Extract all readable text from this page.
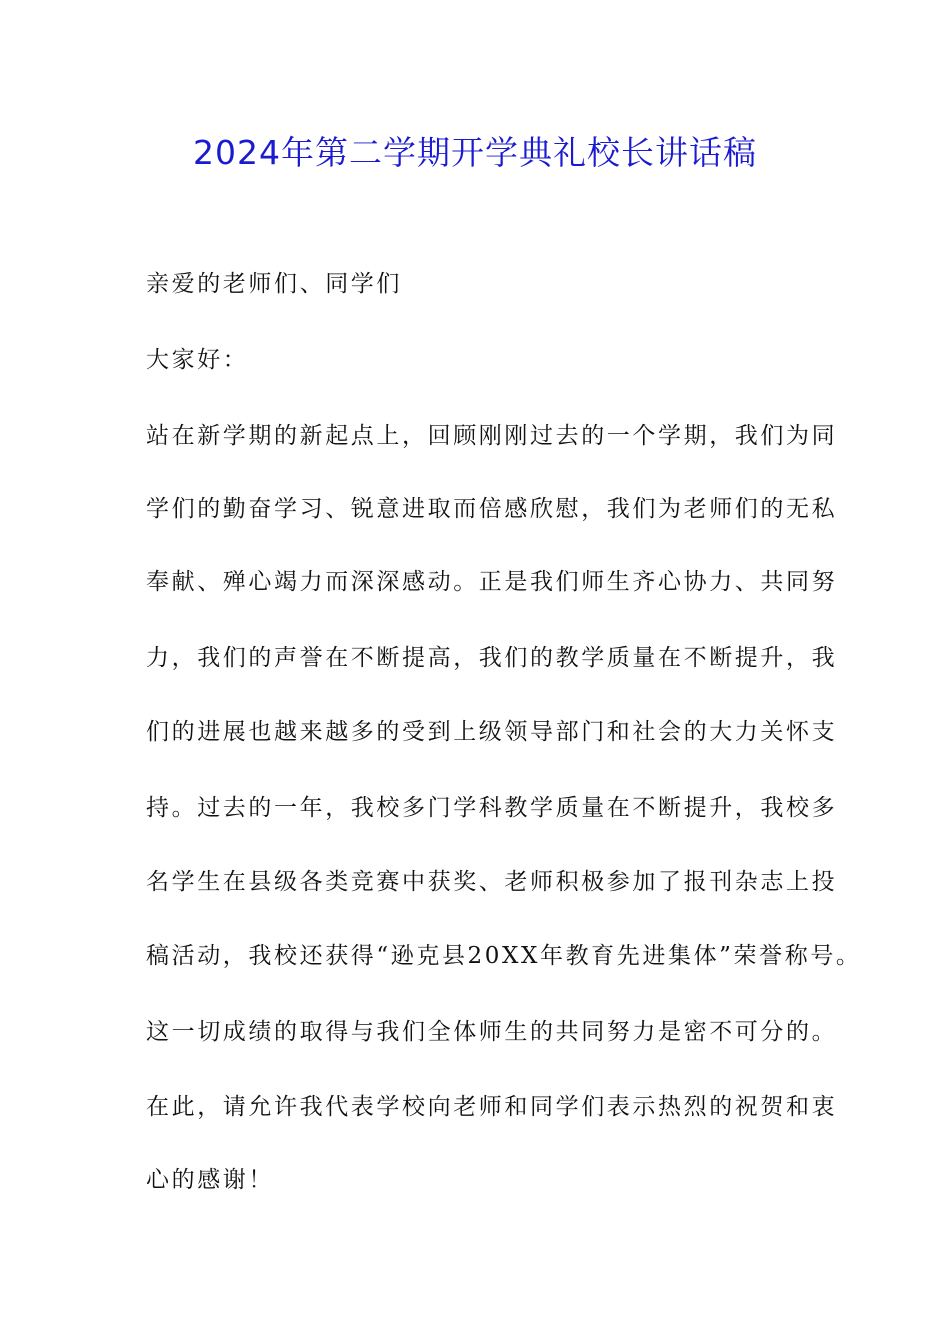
2024年第二学期开学典礼校长讲话稿
亲爱的老师们、同学们
大家好：
站在新学期的新起点上，回顾刚刚过去的一个学期，我们为同
学们的勤奋学习、锐意进取而倍感欣慰，我们为老师们的无私
奉献、殚心竭力而深深感动。正是我们师生齐心协力、共同努
力，我们的声誉在不断提高，我们的教学质量在不断提升，我
们的进展也越来越多的受到上级领导部门和社会的大力关怀支
持。过去的一年，我校多门学科教学质量在不断提升，我校多
名学生在县级各类竞赛中获奖、老师积极参加了报刊杂志上投
稿活动，我校还获得“逊克县20XX年教育先进集体”荣誉称号。
这一切成绩的取得与我们全体师生的共同努力是密不可分的。
在此，请允许我代表学校向老师和同学们表示热烈的祝贺和衷
心的感谢！
